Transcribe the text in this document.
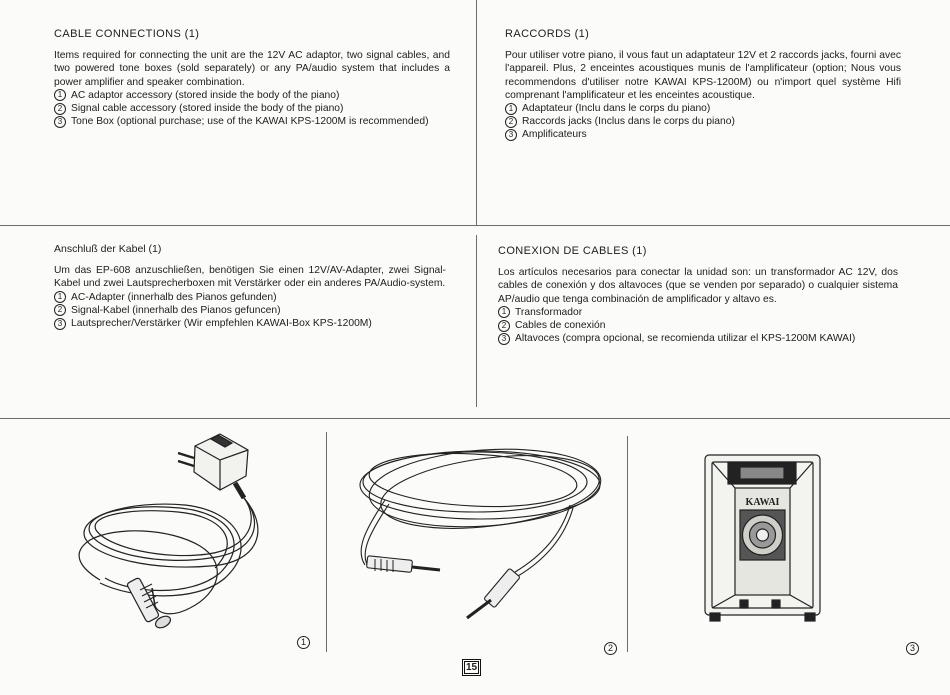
CABLE CONNECTIONS (1)

Items required for connecting the unit are the 12V AC adaptor, two signal cables, and two powered tone boxes (sold separately) or any PA/audio system that includes a power amplifier and speaker combination.

1 AC adaptor accessory (stored inside the body of the piano)
2 Signal cable accessory (stored inside the body of the piano)
3 Tone Box (optional purchase; use of the KAWAI KPS-1200M is recommended)
RACCORDS (1)

Pour utiliser votre piano, il vous faut un adaptateur 12V et 2 raccords jacks, fourni avec l'appareil. Plus, 2 enceintes acoustiques munis de l'amplificateur (option; Nous vous recommendons d'utiliser notre KAWAI KPS-1200M) ou n'import quel système Hifi comprenant l'amplificateur et les enceintes acoustique.

1 Adaptateur (Inclu dans le corps du piano)
2 Raccords jacks (Inclus dans le corps du piano)
3 Amplificateurs
Anschluß der Kabel (1)

Um das EP-608 anzuschließen, benötigen Sie einen 12V/AV-Adapter, zwei Signal-Kabel und zwei Lautsprecherboxen mit Verstärker oder ein anderes PA/Audio-system.

1 AC-Adapter (innerhalb des Pianos gefunden)
2 Signal-Kabel (innerhalb des Pianos gefuncen)
3 Lautsprecher/Verstärker (Wir empfehlen KAWAI-Box KPS-1200M)
CONEXION DE CABLES (1)

Los artículos necesarios para conectar la unidad son: un transformador AC 12V, dos cables de conexión y dos altavoces (que se venden por separado) o cualquier sistema AP/audio que tenga combinación de amplificador y altavo es.

1 Transformador
2 Cables de conexión
3 Altavoces (compra opcional, se recomienda utilizar el KPS-1200M KAWAI)
1
2
KAWAI
3
15
